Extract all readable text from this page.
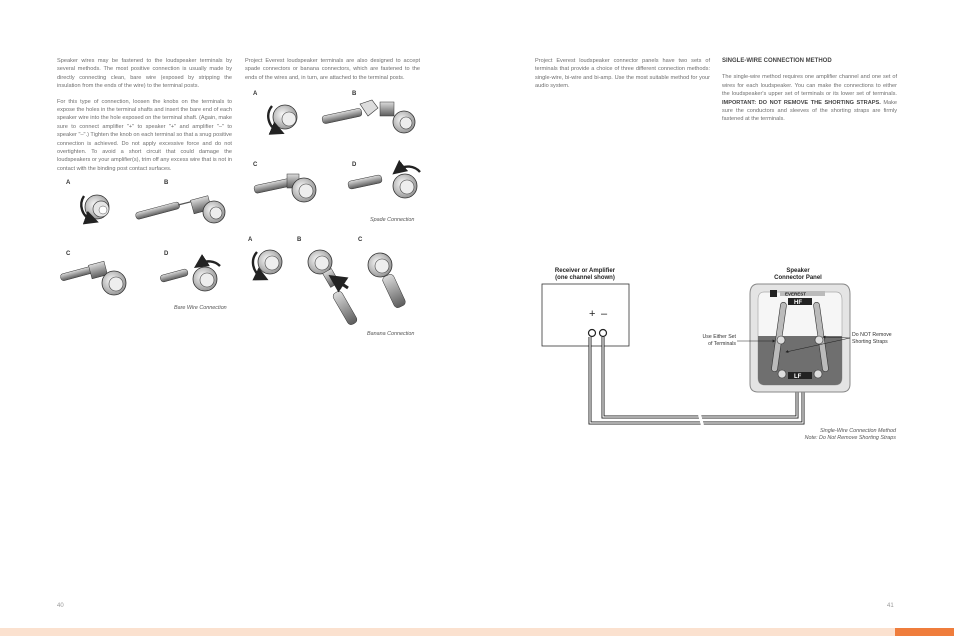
Speaker wires may be fastened to the loudspeaker terminals by several methods. The most positive connection is usually made by directly connecting clean, bare wire (exposed by stripping the insulation from the ends of the wire) to the terminal posts.

For this type of connection, loosen the knobs on the terminals to expose the holes in the terminal shafts and insert the bare end of each speaker wire into the hole exposed on the terminal shaft. (Again, make sure to connect amplifier "+" to speaker "+" and amplifier "–" to speaker "–".) Tighten the knob on each terminal so that a snug positive connection is achieved. Do not apply excessive force and do not overtighten. To avoid a short circuit that could damage the loudspeakers or your amplifier(s), trim off any excess wire that is not in contact with the binding post contact surfaces.

Project Everest loudspeaker terminals are also designed to accept spade connectors or banana connectors, which are fastened to the ends of the wires and, in turn, are attached to the terminal posts.

Project Everest loudspeaker connector panels have two sets of terminals that provide a choice of three different connection methods: single-wire, bi-wire and bi-amp. Use the most suitable method for your audio system.

SINGLE-WIRE CONNECTION METHOD

The single-wire method requires one amplifier channel and one set of wires for each loudspeaker. You can make the connections to either the loudspeaker's upper set of terminals or its lower set of terminals. IMPORTANT: DO NOT REMOVE THE SHORTING STRAPS. Make sure the conductors and sleeves of the shorting straps are firmly fastened at the terminals.

A	B
C	D
Bare Wire Connection
A	B
C	D
Spade Connection
A	B	C
Banana Connection
Receiver or Amplifier
(one channel shown)
Speaker
Connector Panel
+ –
EVEREST
HF
LF
Use Either Set
of Terminals
Do NOT Remove
Shorting Straps
Single-Wire Connection Method
Note: Do Not Remove Shorting Straps
40	41
